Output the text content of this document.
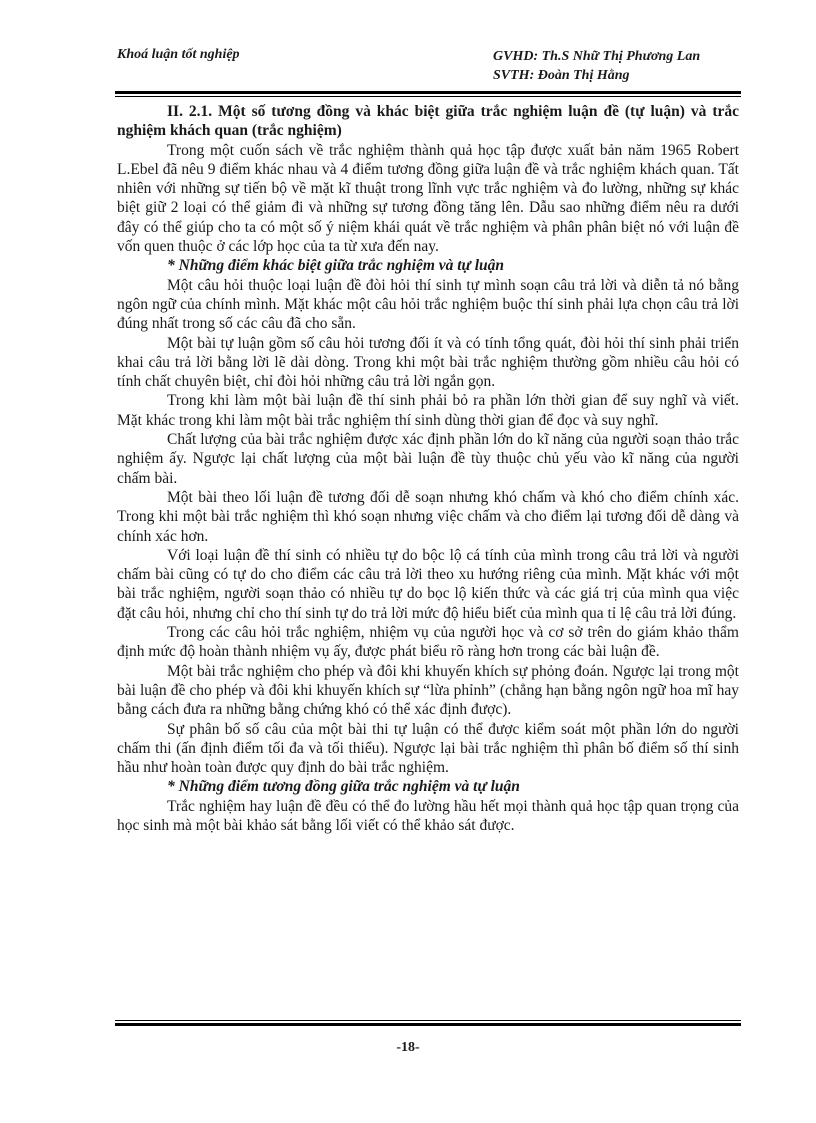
Khoá luận tốt nghiệp	GVHD: Th.S Nhữ Thị Phương Lan
SVTH: Đoàn Thị Hằng
II. 2.1. Một số tương đồng và khác biệt giữa trắc nghiệm luận đề (tự luận) và trắc nghiệm khách quan (trắc nghiệm)

Trong một cuốn sách về trắc nghiệm thành quả học tập được xuất bản năm 1965 Robert L.Ebel đã nêu 9 điểm khác nhau và 4 điểm tương đồng giữa luận đề và trắc nghiệm khách quan. Tất nhiên với những sự tiến bộ về mặt kĩ thuật trong lĩnh vực trắc nghiệm và đo lường, những sự khác biệt giữ 2 loại có thể giảm đi và những sự tương đồng tăng lên. Dẫu sao những điểm nêu ra dưới đây có thể giúp cho ta có một số ý niệm khái quát về trắc nghiệm và phân phân biệt nó với luận đề vốn quen thuộc ở các lớp học của ta từ xưa đến nay.

* Những điểm khác biệt giữa trắc nghiệm và tự luận

Một câu hỏi thuộc loại luận đề đòi hỏi thí sinh tự mình soạn câu trả lời và diễn tả nó bằng ngôn ngữ của chính mình. Mặt khác một câu hỏi trắc nghiệm buộc thí sinh phải lựa chọn câu trả lời đúng nhất trong số các câu đã cho sẵn.

Một bài tự luận gồm số câu hỏi tương đối ít và có tính tổng quát, đòi hỏi thí sinh phải triển khai câu trả lời bằng lời lẽ dài dòng. Trong khi một bài trắc nghiệm thường gồm nhiều câu hỏi có tính chất chuyên biệt, chỉ đòi hỏi những câu trả lời ngắn gọn.

Trong khi làm một bài luận đề thí sinh phải bỏ ra phần lớn thời gian để suy nghĩ và viết. Mặt khác trong khi làm một bài trắc nghiệm thí sinh dùng thời gian để đọc và suy nghĩ.

Chất lượng của bài trắc nghiệm được xác định phần lớn do kĩ năng của người soạn thảo trắc nghiệm ấy. Ngược lại chất lượng của một bài luận đề tùy thuộc chủ yếu vào kĩ năng của người chấm bài.

Một bài theo lối luận đề tương đối dễ soạn nhưng khó chấm và khó cho điểm chính xác. Trong khi một bài trắc nghiệm thì khó soạn nhưng việc chấm và cho điểm lại tương đối dễ dàng và chính xác hơn.

Với loại luận đề thí sinh có nhiều tự do bộc lộ cá tính của mình trong câu trả lời và người chấm bài cũng có tự do cho điểm các câu trả lời theo xu hướng riêng của mình. Mặt khác với một bài trắc nghiệm, người soạn thảo có nhiều tự do bọc lộ kiến thức và các giá trị của mình qua việc đặt câu hỏi, nhưng chỉ cho thí sinh tự do trả lời mức độ hiểu biết của mình qua tỉ lệ câu trả lời đúng.

Trong các câu hỏi trắc nghiệm, nhiệm vụ của người học và cơ sở trên do giám khảo thẩm định mức độ hoàn thành nhiệm vụ ấy, được phát biểu rõ ràng hơn trong các bài luận đề.

Một bài trắc nghiệm cho phép và đôi khi khuyến khích sự phỏng đoán. Ngược lại trong một bài luận đề cho phép và đôi khi khuyến khích sự “lừa phỉnh” (chẳng hạn bằng ngôn ngữ hoa mĩ hay bằng cách đưa ra những bằng chứng khó có thể xác định được).

Sự phân bố số câu của một bài thi tự luận có thể được kiểm soát một phần lớn do người chấm thi (ấn định điểm tối đa và tối thiểu). Ngược lại bài trắc nghiệm thì phân bố điểm số thí sinh hầu như hoàn toàn được quy định do bài trắc nghiệm.

* Những điểm tương đồng giữa trắc nghiệm và tự luận

Trắc nghiệm hay luận đề đều có thể đo lường hầu hết mọi thành quả học tập quan trọng của học sinh mà một bài khảo sát bằng lối viết có thể khảo sát được.

-18-
